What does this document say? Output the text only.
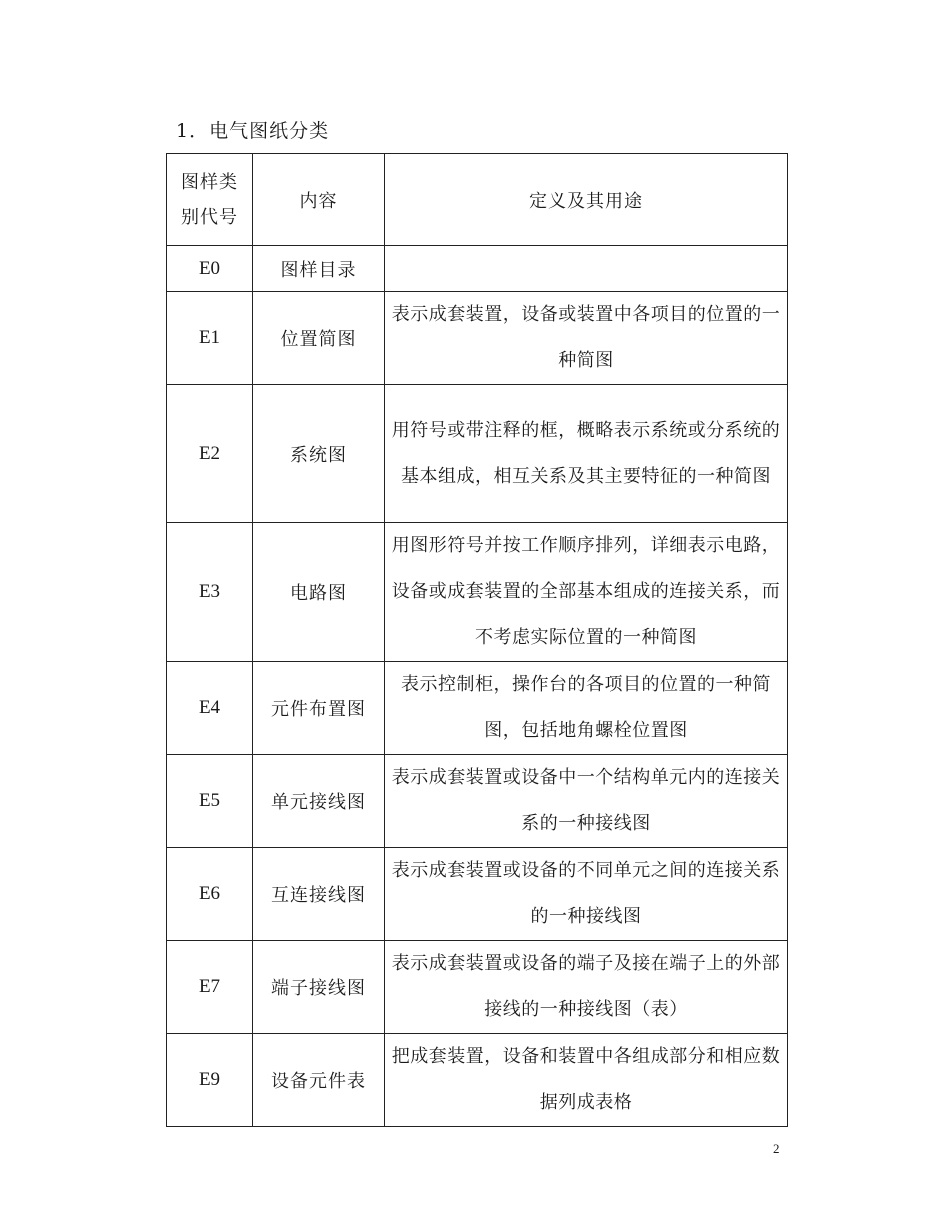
1．电气图纸分类
图样类别代号	内容	定义及其用途
E0	图样目录	

E1	位置简图	表示成套装置，设备或装置中各项目的位置的一种简图

E2	系统图	用符号或带注释的框，概略表示系统或分系统的基本组成，相互关系及其主要特征的一种简图

E3	电路图	用图形符号并按工作顺序排列，详细表示电路，设备或成套装置的全部基本组成的连接关系，而不考虑实际位置的一种简图

E4	元件布置图	表示控制柜，操作台的各项目的位置的一种简图，包括地角螺栓位置图

E5	单元接线图	表示成套装置或设备中一个结构单元内的连接关系的一种接线图

E6	互连接线图	表示成套装置或设备的不同单元之间的连接关系的一种接线图

E7	端子接线图	表示成套装置或设备的端子及接在端子上的外部接线的一种接线图（表）

E9	设备元件表	把成套装置，设备和装置中各组成部分和相应数据列成表格
2
